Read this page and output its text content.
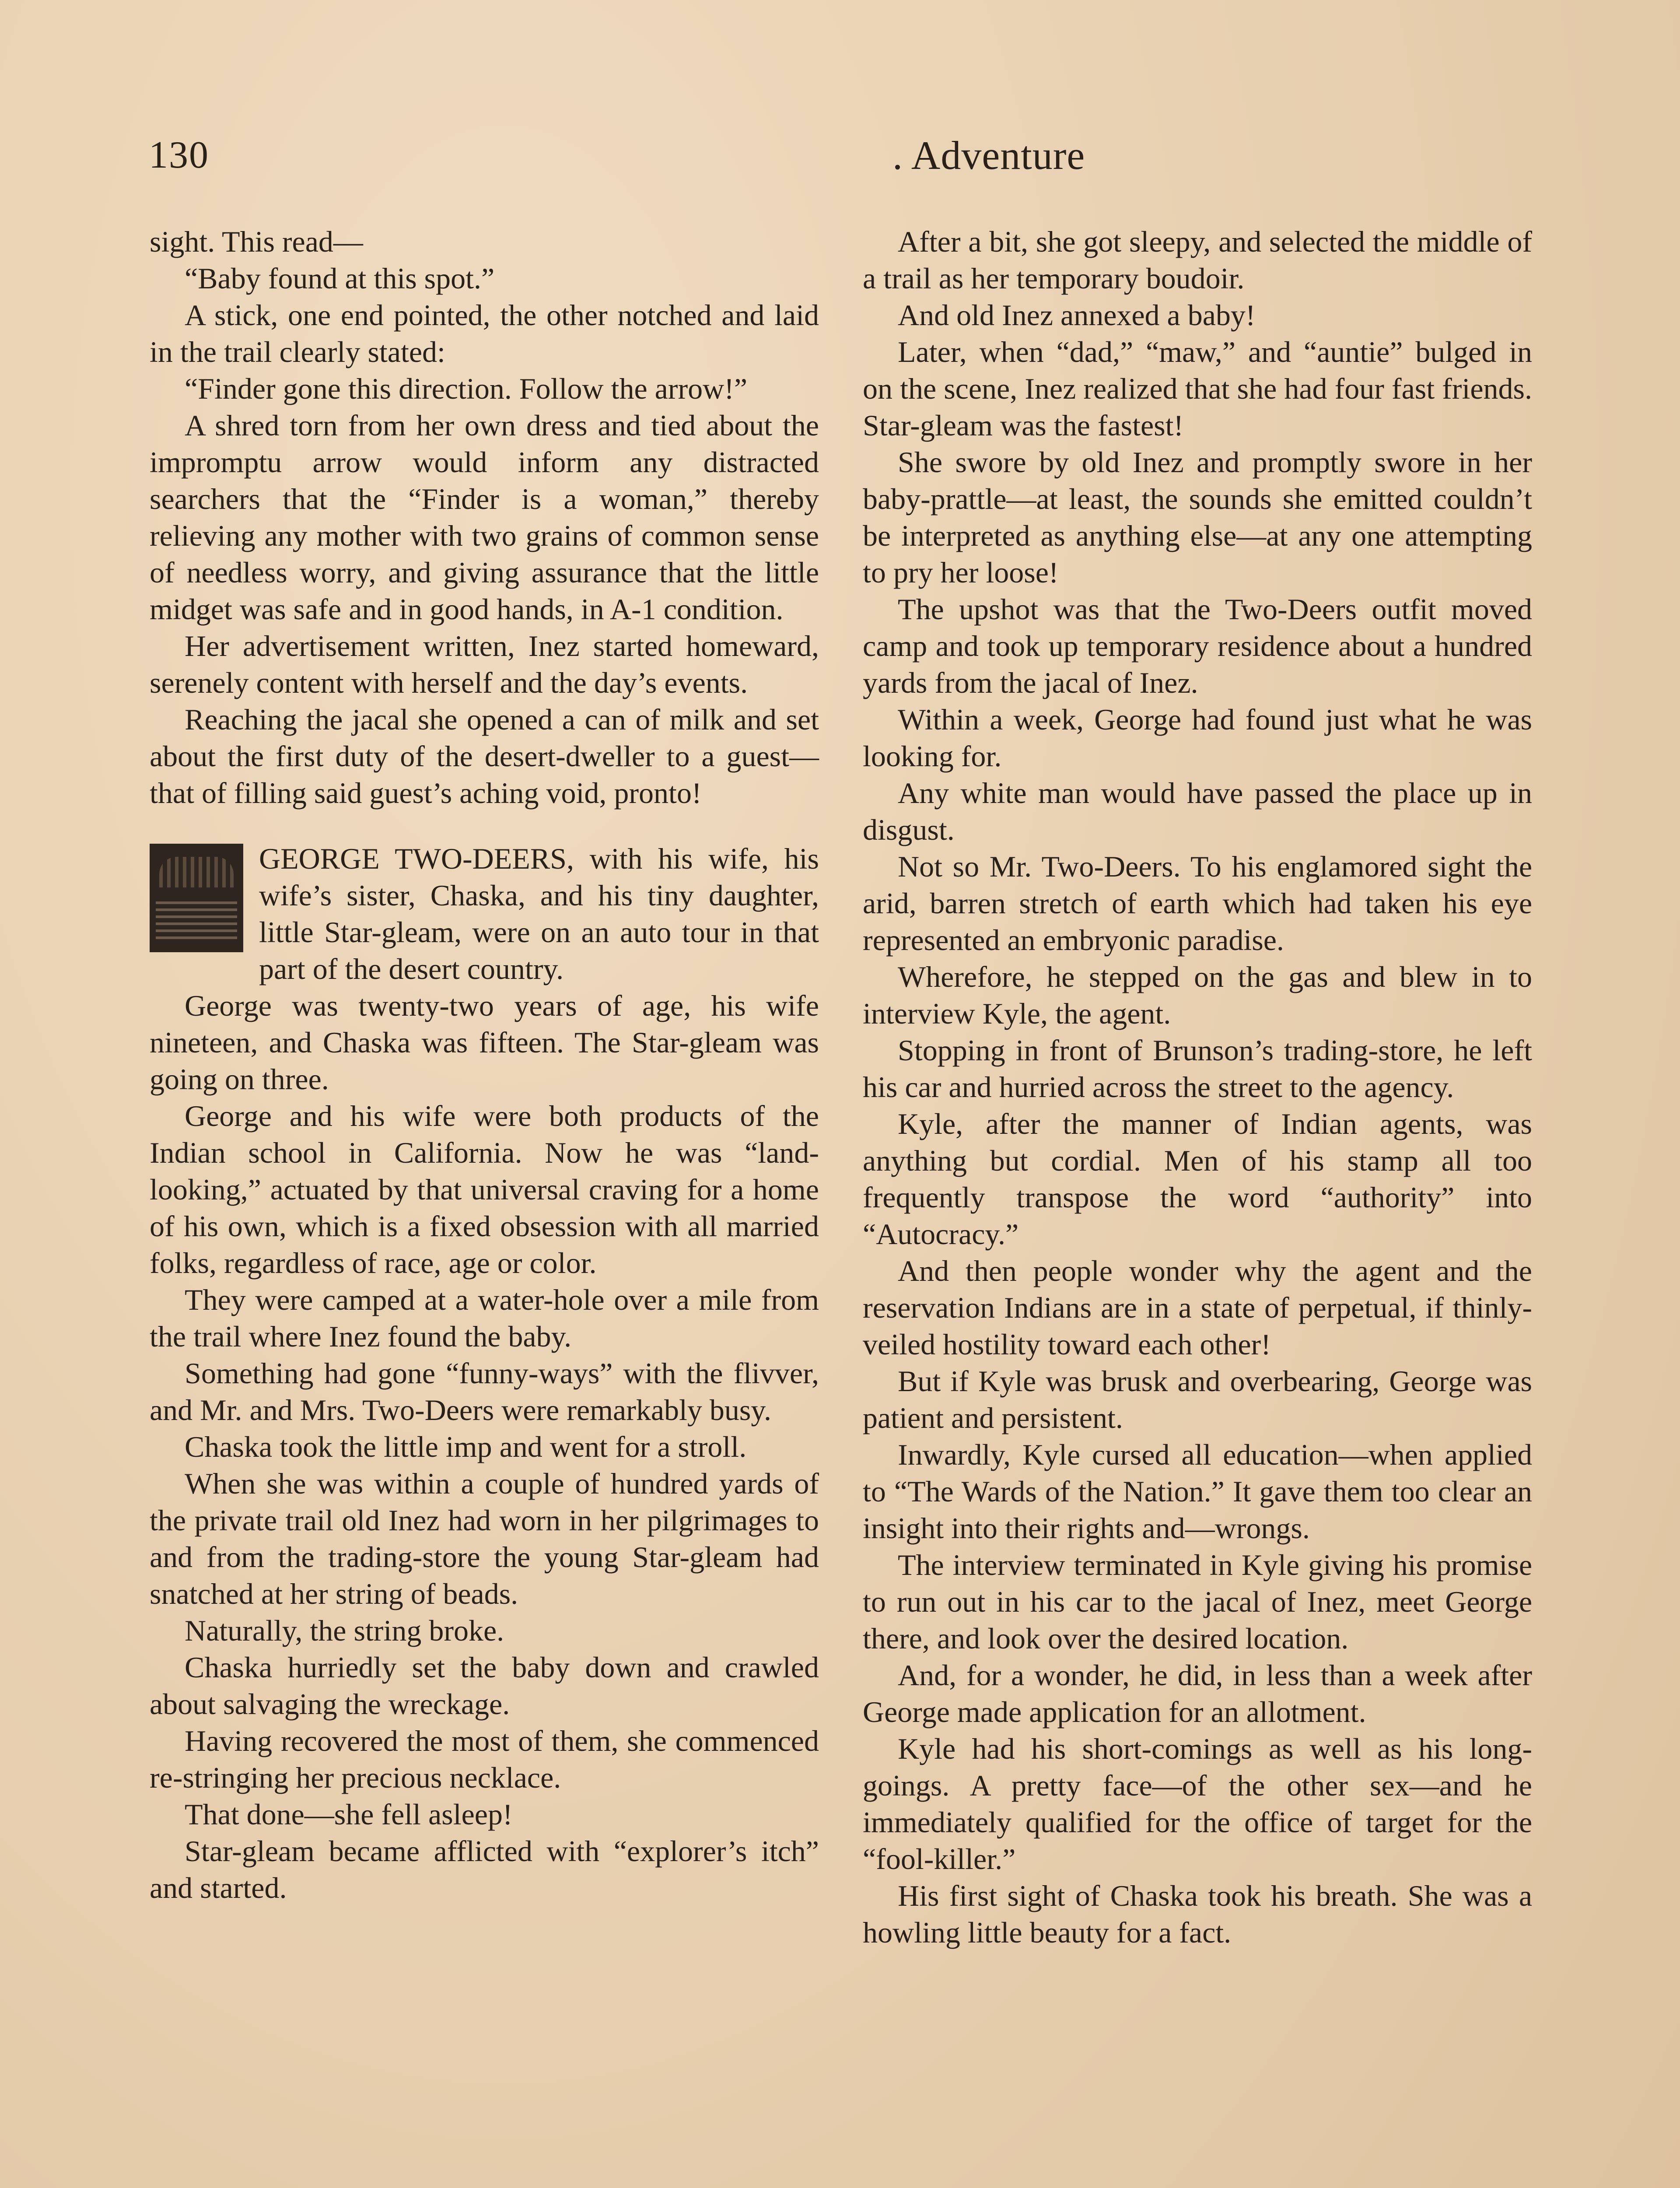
130	. Adventure

sight. This read—

“Baby found at this spot.”

A stick, one end pointed, the other notched and laid in the trail clearly stated:

“Finder gone this direction. Follow the arrow!”

A shred torn from her own dress and tied about the impromptu arrow would inform any distracted searchers that the “Finder is a woman,” thereby relieving any mother with two grains of common sense of needless worry, and giving assurance that the little midget was safe and in good hands, in A-1 condition.

Her advertisement written, Inez started homeward, serenely content with herself and the day’s events.

Reaching the jacal she opened a can of milk and set about the first duty of the desert-dweller to a guest—that of filling said guest’s aching void, pronto!

GEORGE TWO-DEERS, with his wife, his wife’s sister, Chaska, and his tiny daughter, little Star-gleam, were on an auto tour in that part of the desert country.

George was twenty-two years of age, his wife nineteen, and Chaska was fifteen. The Star-gleam was going on three.

George and his wife were both products of the Indian school in California. Now he was “land-looking,” actuated by that universal craving for a home of his own, which is a fixed obsession with all married folks, regardless of race, age or color.

They were camped at a water-hole over a mile from the trail where Inez found the baby.

Something had gone “funny-ways” with the flivver, and Mr. and Mrs. Two-Deers were remarkably busy.

Chaska took the little imp and went for a stroll.

When she was within a couple of hundred yards of the private trail old Inez had worn in her pilgrimages to and from the trading-store the young Star-gleam had snatched at her string of beads.

Naturally, the string broke.

Chaska hurriedly set the baby down and crawled about salvaging the wreckage.

Having recovered the most of them, she commenced re-stringing her precious necklace.

That done—she fell asleep!

Star-gleam became afflicted with “explorer’s itch” and started.

After a bit, she got sleepy, and selected the middle of a trail as her temporary boudoir.

And old Inez annexed a baby!

Later, when “dad,” “maw,” and “auntie” bulged in on the scene, Inez realized that she had four fast friends. Star-gleam was the fastest!

She swore by old Inez and promptly swore in her baby-prattle—at least, the sounds she emitted couldn’t be interpreted as anything else—at any one attempting to pry her loose!

The upshot was that the Two-Deers outfit moved camp and took up temporary residence about a hundred yards from the jacal of Inez.

Within a week, George had found just what he was looking for.

Any white man would have passed the place up in disgust.

Not so Mr. Two-Deers. To his englamored sight the arid, barren stretch of earth which had taken his eye represented an embryonic paradise.

Wherefore, he stepped on the gas and blew in to interview Kyle, the agent.

Stopping in front of Brunson’s trading-store, he left his car and hurried across the street to the agency.

Kyle, after the manner of Indian agents, was anything but cordial. Men of his stamp all too frequently transpose the word “authority” into “Autocracy.”

And then people wonder why the agent and the reservation Indians are in a state of perpetual, if thinly-veiled hostility toward each other!

But if Kyle was brusk and overbearing, George was patient and persistent.

Inwardly, Kyle cursed all education—when applied to “The Wards of the Nation.” It gave them too clear an insight into their rights and—wrongs.

The interview terminated in Kyle giving his promise to run out in his car to the jacal of Inez, meet George there, and look over the desired location.

And, for a wonder, he did, in less than a week after George made application for an allotment.

Kyle had his short-comings as well as his long-goings. A pretty face—of the other sex—and he immediately qualified for the office of target for the “fool-killer.”

His first sight of Chaska took his breath. She was a howling little beauty for a fact.
